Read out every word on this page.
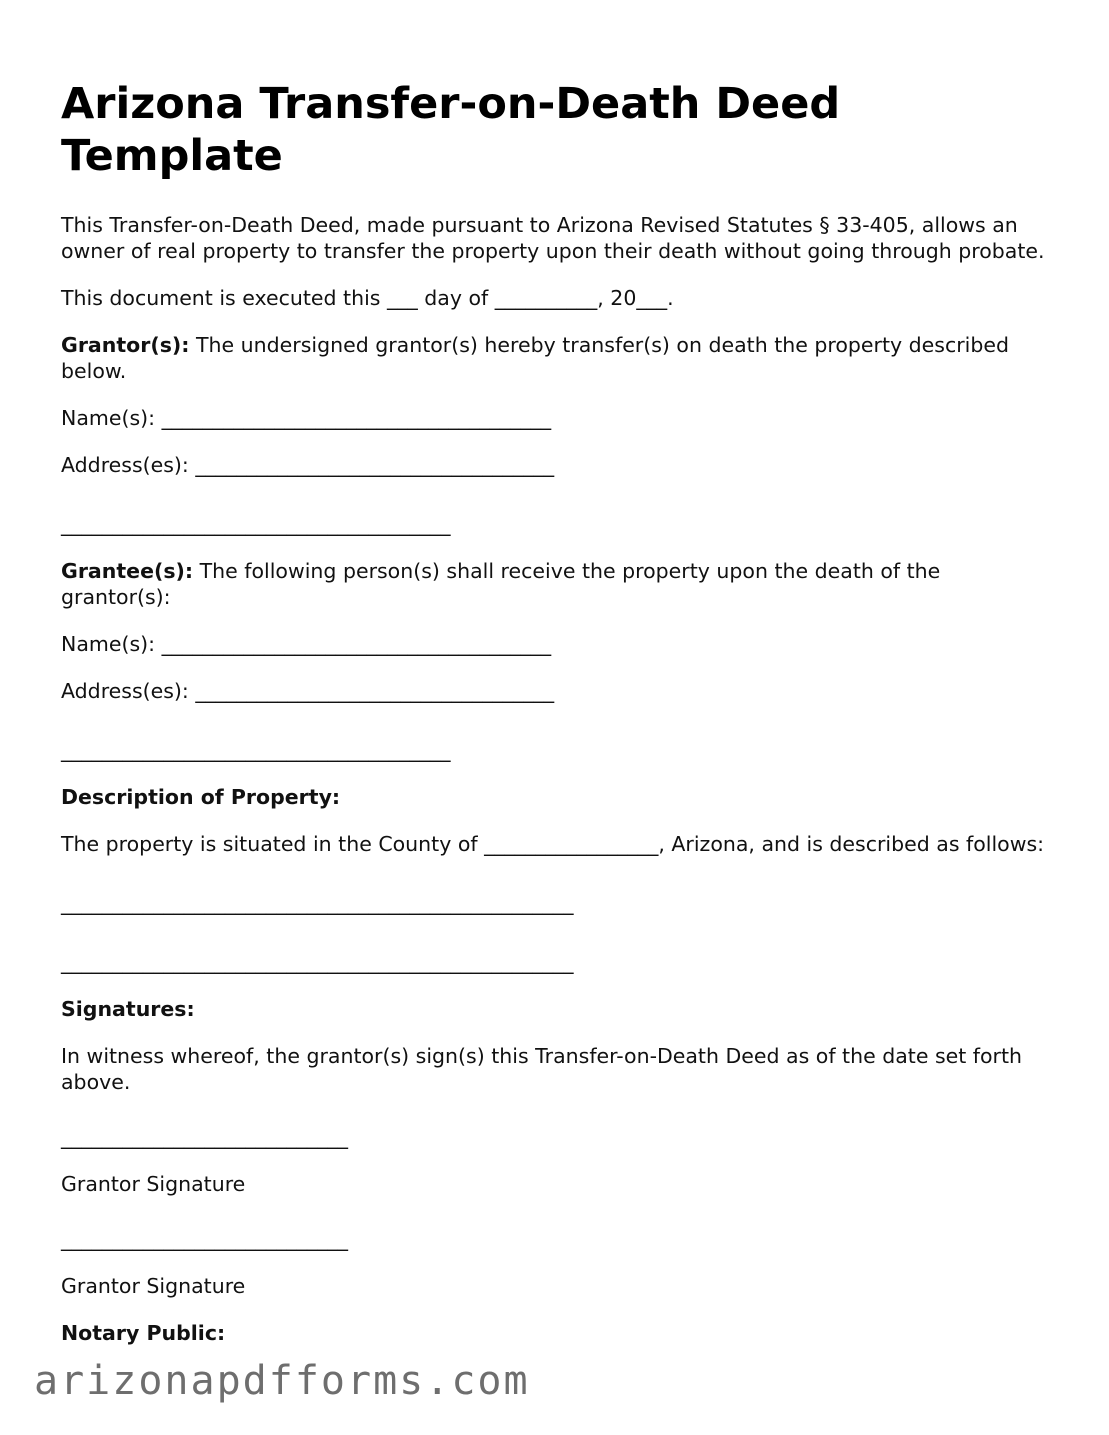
Arizona Transfer-on-Death Deed Template

This Transfer-on-Death Deed, made pursuant to Arizona Revised Statutes § 33-405, allows an owner of real property to transfer the property upon their death without going through probate.

This document is executed this ___ day of __________, 20___.

Grantor(s): The undersigned grantor(s) hereby transfer(s) on death the property described below.

Name(s): ______________________________________
Address(es): ___________________________________
______________________________________

Grantee(s): The following person(s) shall receive the property upon the death of the grantor(s):

Name(s): ______________________________________
Address(es): ___________________________________
______________________________________

Description of Property:

The property is situated in the County of _________________, Arizona, and is described as follows:

__________________________________________________
__________________________________________________

Signatures:

In witness whereof, the grantor(s) sign(s) this Transfer-on-Death Deed as of the date set forth above.

____________________________

Grantor Signature

____________________________

Grantor Signature

Notary Public:

arizonapdfforms.com
